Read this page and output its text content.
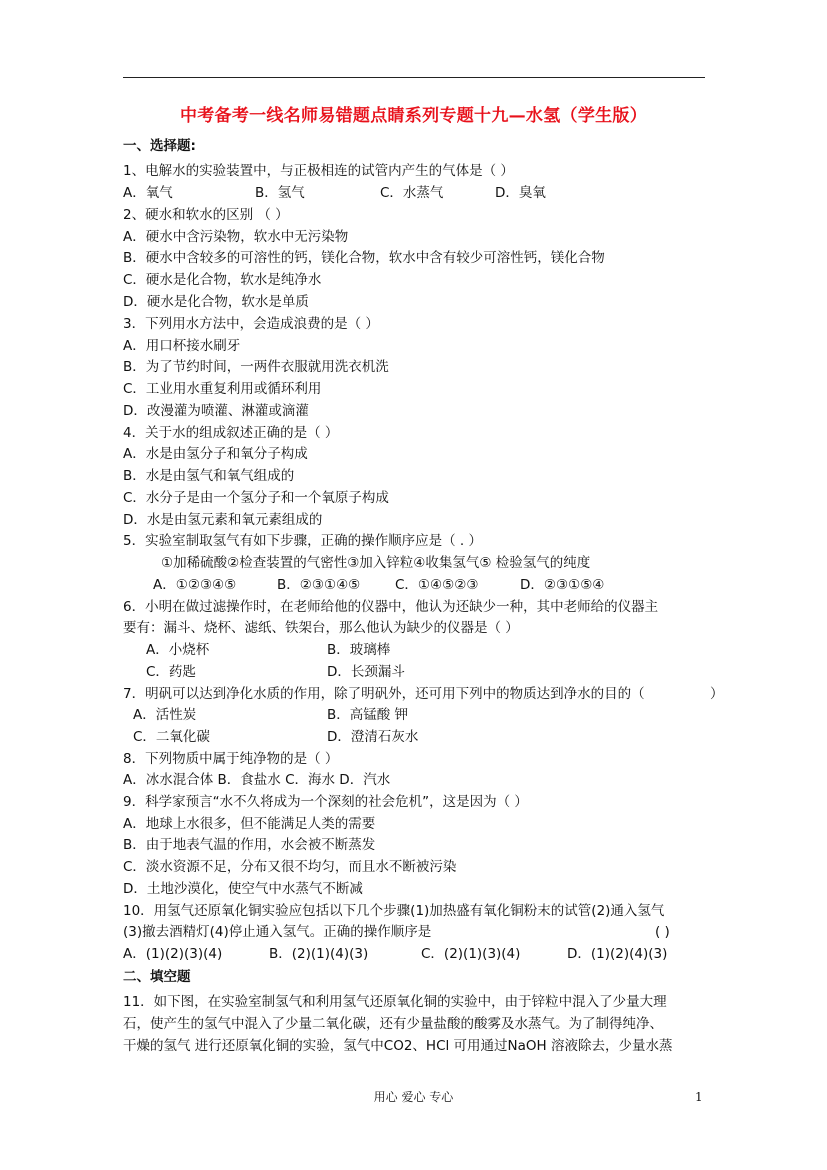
中考备考一线名师易错题点睛系列专题十九—水氢（学生版）
一、选择题:
1、电解水的实验装置中，与正极相连的试管内产生的气体是（ ）
A．氧气	B．氢气	C．水蒸气	D．臭氧
2、硬水和软水的区别 （ ）
A．硬水中含污染物，软水中无污染物
B．硬水中含较多的可溶性的钙，镁化合物，软水中含有较少可溶性钙，镁化合物
C．硬水是化合物，软水是纯净水
D．硬水是化合物，软水是单质
3．下列用水方法中，会造成浪费的是（ ）
A．用口杯接水刷牙
B．为了节约时间，一两件衣服就用洗衣机洗
C．工业用水重复利用或循环利用
D．改漫灌为喷灌、淋灌或滴灌
4．关于水的组成叙述正确的是（ ）
A．水是由氢分子和氧分子构成
B．水是由氢气和氧气组成的
C．水分子是由一个氢分子和一个氧原子构成
D．水是由氢元素和氧元素组成的
5．实验室制取氢气有如下步骤，正确的操作顺序应是（ . ）
①加稀硫酸②检查装置的气密性③加入锌粒④收集氢气⑤ 检验氢气的纯度
A．①②③④⑤	B．②③①④⑤	C．①④⑤②③	D．②③①⑤④
6．小明在做过滤操作时，在老师给他的仪器中，他认为还缺少一种，其中老师给的仪器主
要有：漏斗、烧杯、滤纸、铁架台，那么他认为缺少的仪器是（ ）
A．小烧杯	B．玻璃棒
C．药匙	D．长颈漏斗
7．明矾可以达到净化水质的作用，除了明矾外，还可用下列中的物质达到净水的目的（	）
A．活性炭	B．高锰酸 钾
C．二氧化碳	D．澄清石灰水
8．下列物质中属于纯净物的是（ ）
A．冰水混合体 B．食盐水 C．海水 D．汽水
9．科学家预言“水不久将成为一个深刻的社会危机”，这是因为（ ）
A．地球上水很多，但不能满足人类的需要
B．由于地表气温的作用，水会被不断蒸发
C．淡水资源不足，分布又很不均匀，而且水不断被污染
D．土地沙漠化，使空气中水蒸气不断减
10．用氢气还原氧化铜实验应包括以下几个步骤(1)加热盛有氧化铜粉末的试管(2)通入氢气
(3)撤去酒精灯(4)停止通入氢气。正确的操作顺序是	( )
A．(1)(2)(3)(4)	B．(2)(1)(4)(3)	C．(2)(1)(3)(4)	D．(1)(2)(4)(3)
二、填空题
11．如下图，在实验室制氢气和利用氢气还原氧化铜的实验中，由于锌粒中混入了少量大理
石，使产生的氢气中混入了少量二氧化碳，还有少量盐酸的酸雾及水蒸气。为了制得纯净、
干燥的氢气 进行还原氧化铜的实验，氢气中CO2、HCl 可用通过NaOH 溶液除去，少量水蒸
用心 爱心 专心	1
